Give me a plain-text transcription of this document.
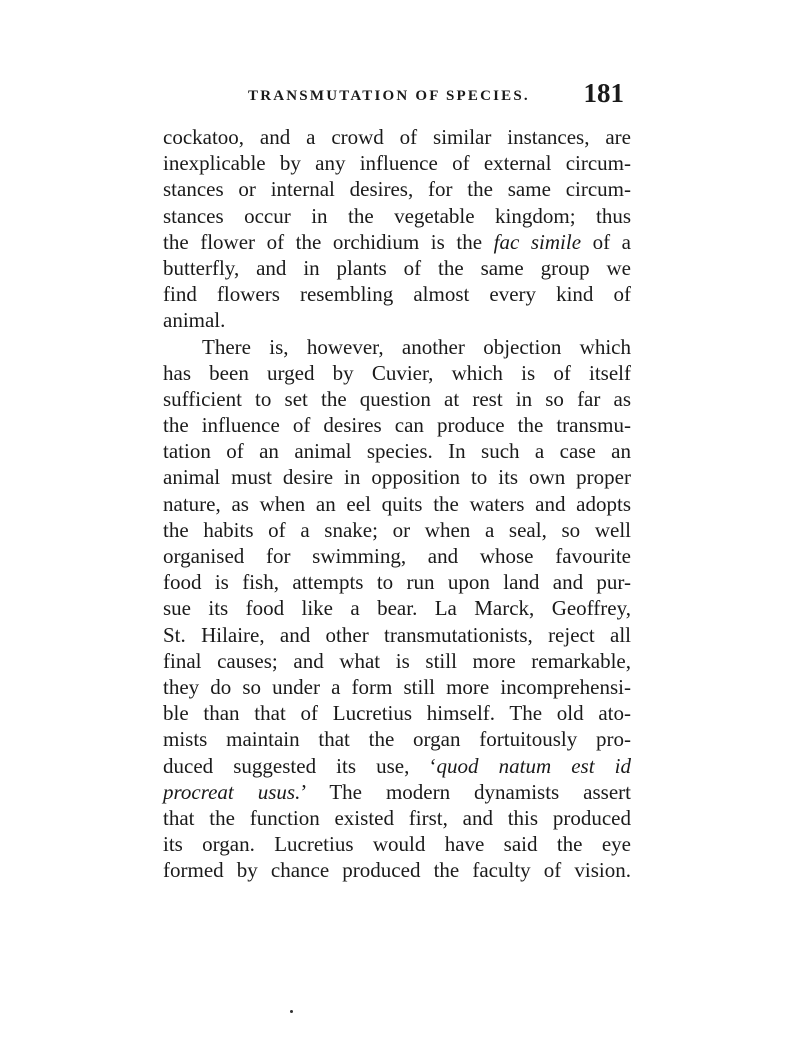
TRANSMUTATION OF SPECIES. 181

cockatoo, and a crowd of similar instances, are
inexplicable by any influence of external circum-
stances or internal desires, for the same circum-
stances occur in the vegetable kingdom; thus
the flower of the orchidium is the fac simile of a
butterfly, and in plants of the same group we
find flowers resembling almost every kind of
animal.

There is, however, another objection which
has been urged by Cuvier, which is of itself
sufficient to set the question at rest in so far as
the influence of desires can produce the transmu-
tation of an animal species. In such a case an
animal must desire in opposition to its own proper
nature, as when an eel quits the waters and adopts
the habits of a snake; or when a seal, so well
organised for swimming, and whose favourite
food is fish, attempts to run upon land and pur-
sue its food like a bear. La Marck, Geoffrey,
St. Hilaire, and other transmutationists, reject all
final causes; and what is still more remarkable,
they do so under a form still more incomprehensi-
ble than that of Lucretius himself. The old ato-
mists maintain that the organ fortuitously pro-
duced suggested its use, ‘quod natum est id
procreat usus.’ The modern dynamists assert
that the function existed first, and this produced
its organ. Lucretius would have said the eye
formed by chance produced the faculty of vision.
